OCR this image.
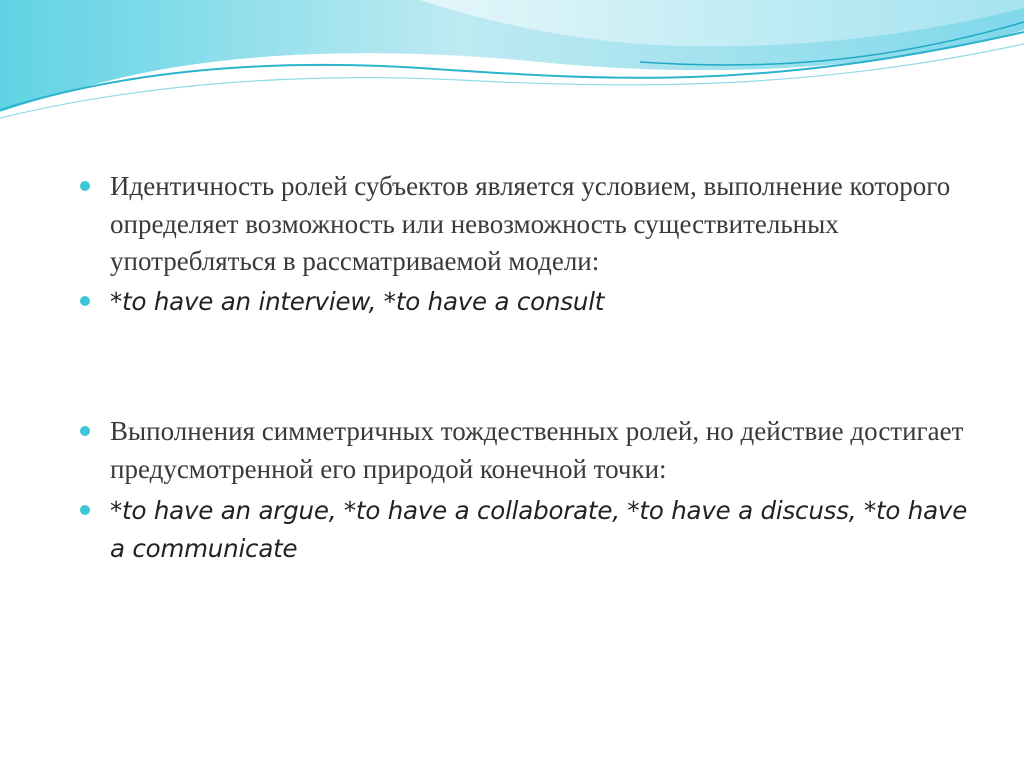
Идентичность ролей субъектов является условием, выполнение которого определяет возможность или невозможность существительных употребляться в рассматриваемой модели:
*to have an interview, *to have a consult
Выполнения симметричных тождественных ролей, но действие достигает предусмотренной его природой конечной точки:
*to have an argue, *to have a collaborate, *to have a discuss, *to have a communicate
